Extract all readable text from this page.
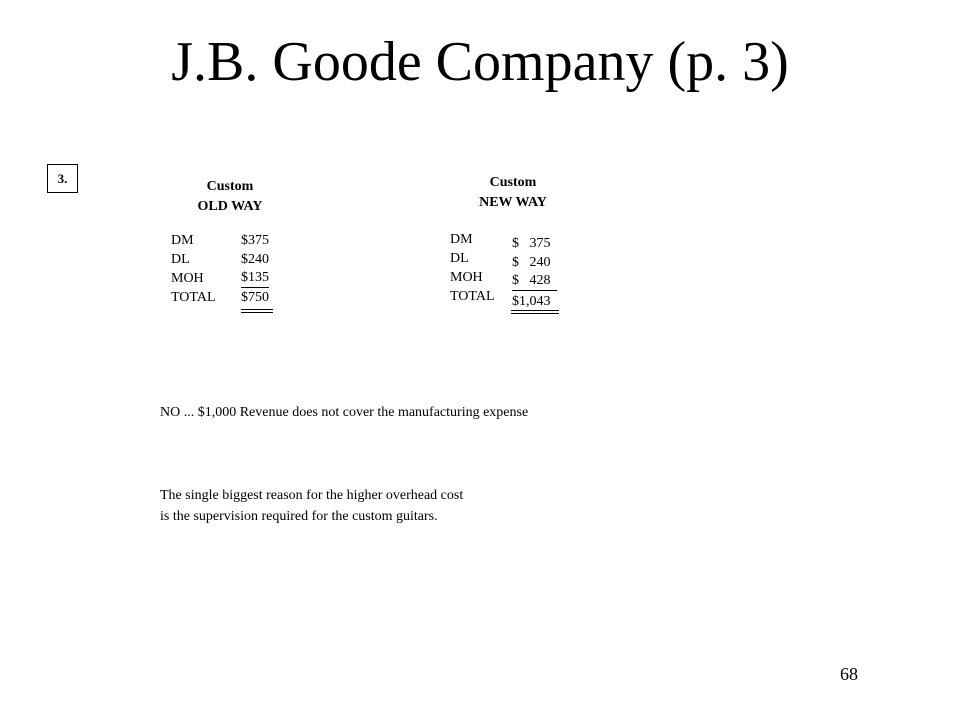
J.B. Goode Company (p. 3)
3.
Custom
OLD WAY
DM
DL
MOH
TOTAL
$375
$240
$135
$750
Custom
NEW WAY
DM
DL
MOH
TOTAL
$   375
$   240
$   428
$1,043
NO ... $1,000 Revenue does not cover the manufacturing expense
The single biggest reason for the higher overhead cost
is the supervision required for the custom guitars.
68
